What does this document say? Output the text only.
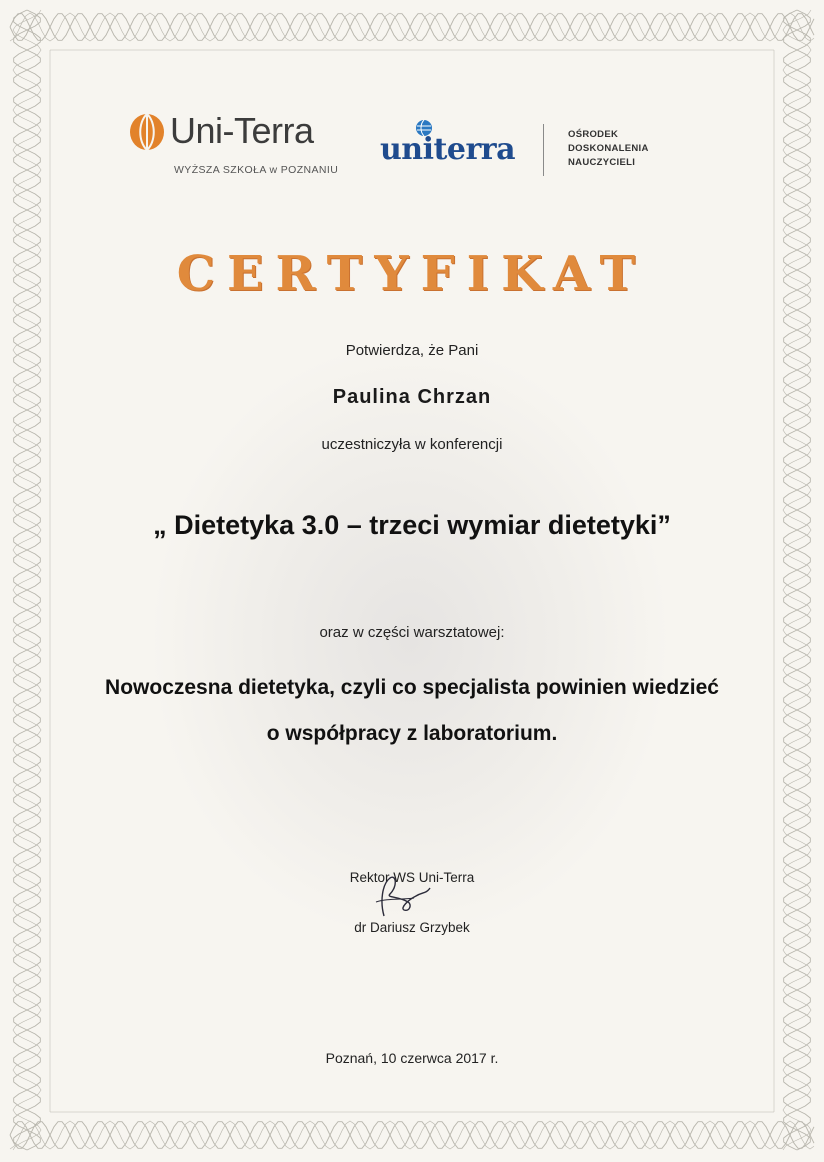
Uni-Terra
WYŻSZA SZKOŁA w POZNANIU
uniterra	OŚRODEK
DOSKONALENIA
NAUCZYCIELI
CERTYFIKAT
Potwierdza, że Pani
Paulina Chrzan
uczestniczyła w konferencji
„ Dietetyka 3.0 – trzeci wymiar dietetyki”
oraz w części warsztatowej:
Nowoczesna dietetyka, czyli co specjalista powinien wiedzieć
o współpracy z laboratorium.
Rektor WS Uni-Terra
dr Dariusz Grzybek
Poznań, 10 czerwca 2017 r.
